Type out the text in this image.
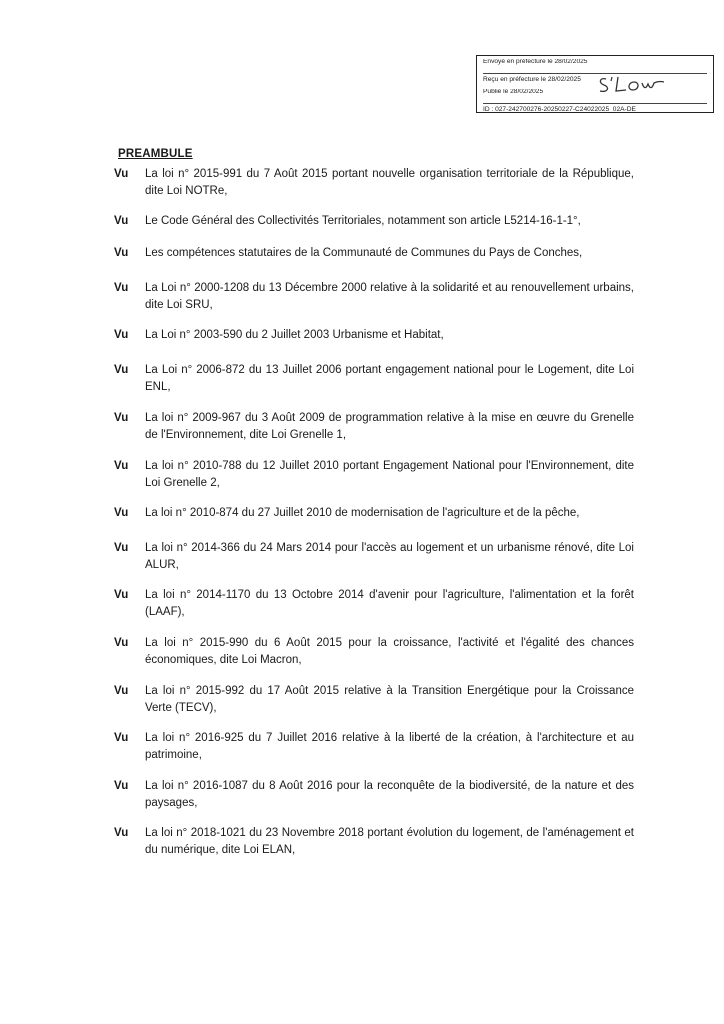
Envoyé en préfecture le 28/02/2025
Reçu en préfecture le 28/02/2025
Publié le 28/02/2025
ID : 027-242700276-20250227-C24022025_02A-DE
PREAMBULE
Vu	La loi n° 2015-991 du 7 Août 2015 portant nouvelle organisation territoriale de la République, dite Loi NOTRe,
Vu	Le Code Général des Collectivités Territoriales, notamment son article L5214-16-1-1°,
Vu	Les compétences statutaires de la Communauté de Communes du Pays de Conches,
Vu	La Loi n° 2000-1208 du 13 Décembre 2000 relative à la solidarité et au renouvellement urbains, dite Loi SRU,
Vu	La Loi n° 2003-590 du 2 Juillet 2003 Urbanisme et Habitat,
Vu	La Loi n° 2006-872 du 13 Juillet 2006 portant engagement national pour le Logement, dite Loi ENL,
Vu	La loi n° 2009-967 du 3 Août 2009 de programmation relative à la mise en œuvre du Grenelle de l'Environnement, dite Loi Grenelle 1,
Vu	La loi n° 2010-788 du 12 Juillet 2010 portant Engagement National pour l'Environnement, dite Loi Grenelle 2,
Vu	La loi n° 2010-874 du 27 Juillet 2010 de modernisation de l'agriculture et de la pêche,
Vu	La loi n° 2014-366 du 24 Mars 2014 pour l'accès au logement et un urbanisme rénové, dite Loi ALUR,
Vu	La loi n° 2014-1170 du 13 Octobre 2014 d'avenir pour l'agriculture, l'alimentation et la forêt (LAAF),
Vu	La loi n° 2015-990 du 6 Août 2015 pour la croissance, l'activité et l'égalité des chances économiques, dite Loi Macron,
Vu	La loi n° 2015-992 du 17 Août 2015 relative à la Transition Energétique pour la Croissance Verte (TECV),
Vu	La loi n° 2016-925 du 7 Juillet 2016 relative à la liberté de la création, à l'architecture et au patrimoine,
Vu	La loi n° 2016-1087 du 8 Août 2016 pour la reconquête de la biodiversité, de la nature et des paysages,
Vu	La loi n° 2018-1021 du 23 Novembre 2018 portant évolution du logement, de l'aménagement et du numérique, dite Loi ELAN,
